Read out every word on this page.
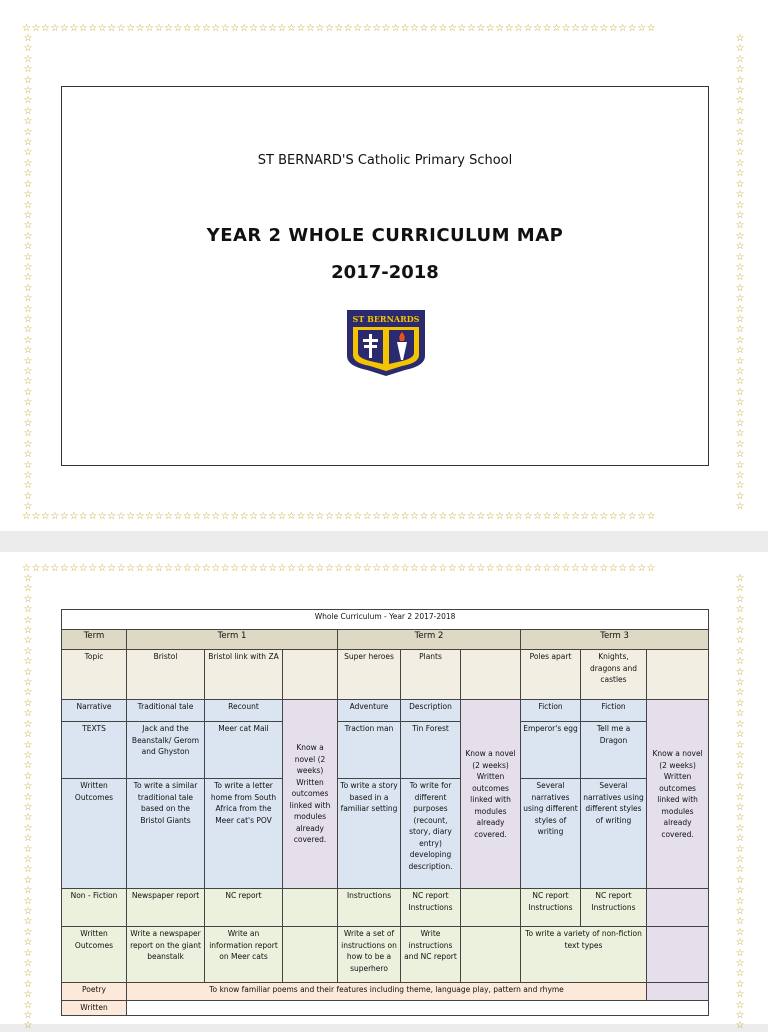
☆☆☆☆☆☆☆☆☆☆☆☆☆☆☆☆☆☆☆☆☆☆☆☆☆☆☆☆☆☆☆☆☆☆☆☆☆☆☆☆☆☆☆☆☆☆☆☆☆☆☆☆☆☆☆☆☆☆☆☆☆☆☆☆☆☆☆
☆☆☆☆☆☆☆☆☆☆☆☆☆☆☆☆☆☆☆☆☆☆☆☆☆☆☆☆☆☆☆☆☆☆☆☆☆☆☆☆☆☆☆☆☆☆☆☆☆☆☆☆☆☆☆☆☆☆☆☆☆☆☆☆☆☆☆
☆
☆
☆
☆
☆
☆
☆
☆
☆
☆
☆
☆
☆
☆
☆
☆
☆
☆
☆
☆
☆
☆
☆
☆
☆
☆
☆
☆
☆
☆
☆
☆
☆
☆
☆
☆
☆
☆
☆
☆
☆
☆
☆
☆
☆
☆
☆
☆
☆
☆
☆
☆
☆
☆
☆
☆
☆
☆
☆
☆
☆
☆
☆
☆
☆
☆
☆
☆
☆
☆
☆
☆
☆
☆
☆
☆
☆
☆
☆
☆
☆
☆
☆
☆
☆
☆
☆
☆
☆
☆
☆
☆
ST BERNARD'S Catholic Primary School
YEAR 2 WHOLE CURRICULUM MAP
2017-2018
ST BERNARDS
☆☆☆☆☆☆☆☆☆☆☆☆☆☆☆☆☆☆☆☆☆☆☆☆☆☆☆☆☆☆☆☆☆☆☆☆☆☆☆☆☆☆☆☆☆☆☆☆☆☆☆☆☆☆☆☆☆☆☆☆☆☆☆☆☆☆☆
☆
☆
☆
☆
☆
☆
☆
☆
☆
☆
☆
☆
☆
☆
☆
☆
☆
☆
☆
☆
☆
☆
☆
☆
☆
☆
☆
☆
☆
☆
☆
☆
☆
☆
☆
☆
☆
☆
☆
☆
☆
☆
☆
☆
☆
☆
☆
☆
☆
☆
☆
☆
☆
☆
☆
☆
☆
☆
☆
☆
☆
☆
☆
☆
☆
☆
☆
☆
☆
☆
☆
☆
☆
☆
☆
☆
☆
☆
☆
☆
☆
☆
☆
☆
☆
☆
☆
☆
Whole Curriculum - Year 2 2017-2018									
Term	Term 1			Term 2			Term 3		
Topic	Bristol	Bristol link with ZA		Super heroes	Plants		Poles apart	Knights, dragons and castles	
Narrative	Traditional tale	Recount	Know a novel (2 weeks) Written outcomes linked with modules already covered.	Adventure	Description	Know a novel (2 weeks) Written outcomes linked with modules already covered.	Fiction	Fiction	Know a novel (2 weeks) Written outcomes linked with modules already covered.
TEXTS	Jack and the Beanstalk/ Gerom and Ghyston	Meer cat Mail		Traction man	Tin Forest		Emperor's egg	Tell me a Dragon	
Written Outcomes	To write a similar traditional tale based on the Bristol Giants	To write a letter home from South Africa from the Meer cat's POV		To write a story based in a familiar setting	To write for different purposes (recount, story, diary entry) developing description.		Several narratives using different styles of writing	Several narratives using different styles of writing	
Non - Fiction	Newspaper report	NC report		Instructions	NC report Instructions		NC report Instructions	NC report Instructions	
Written Outcomes	Write a newspaper report on the giant beanstalk	Write an information report on Meer cats		Write a set of instructions on how to be a superhero	Write instructions and NC report		To write a variety of non-fiction text types		
Poetry	To know familiar poems and their features including theme, language play, pattern and rhyme								
Written									
